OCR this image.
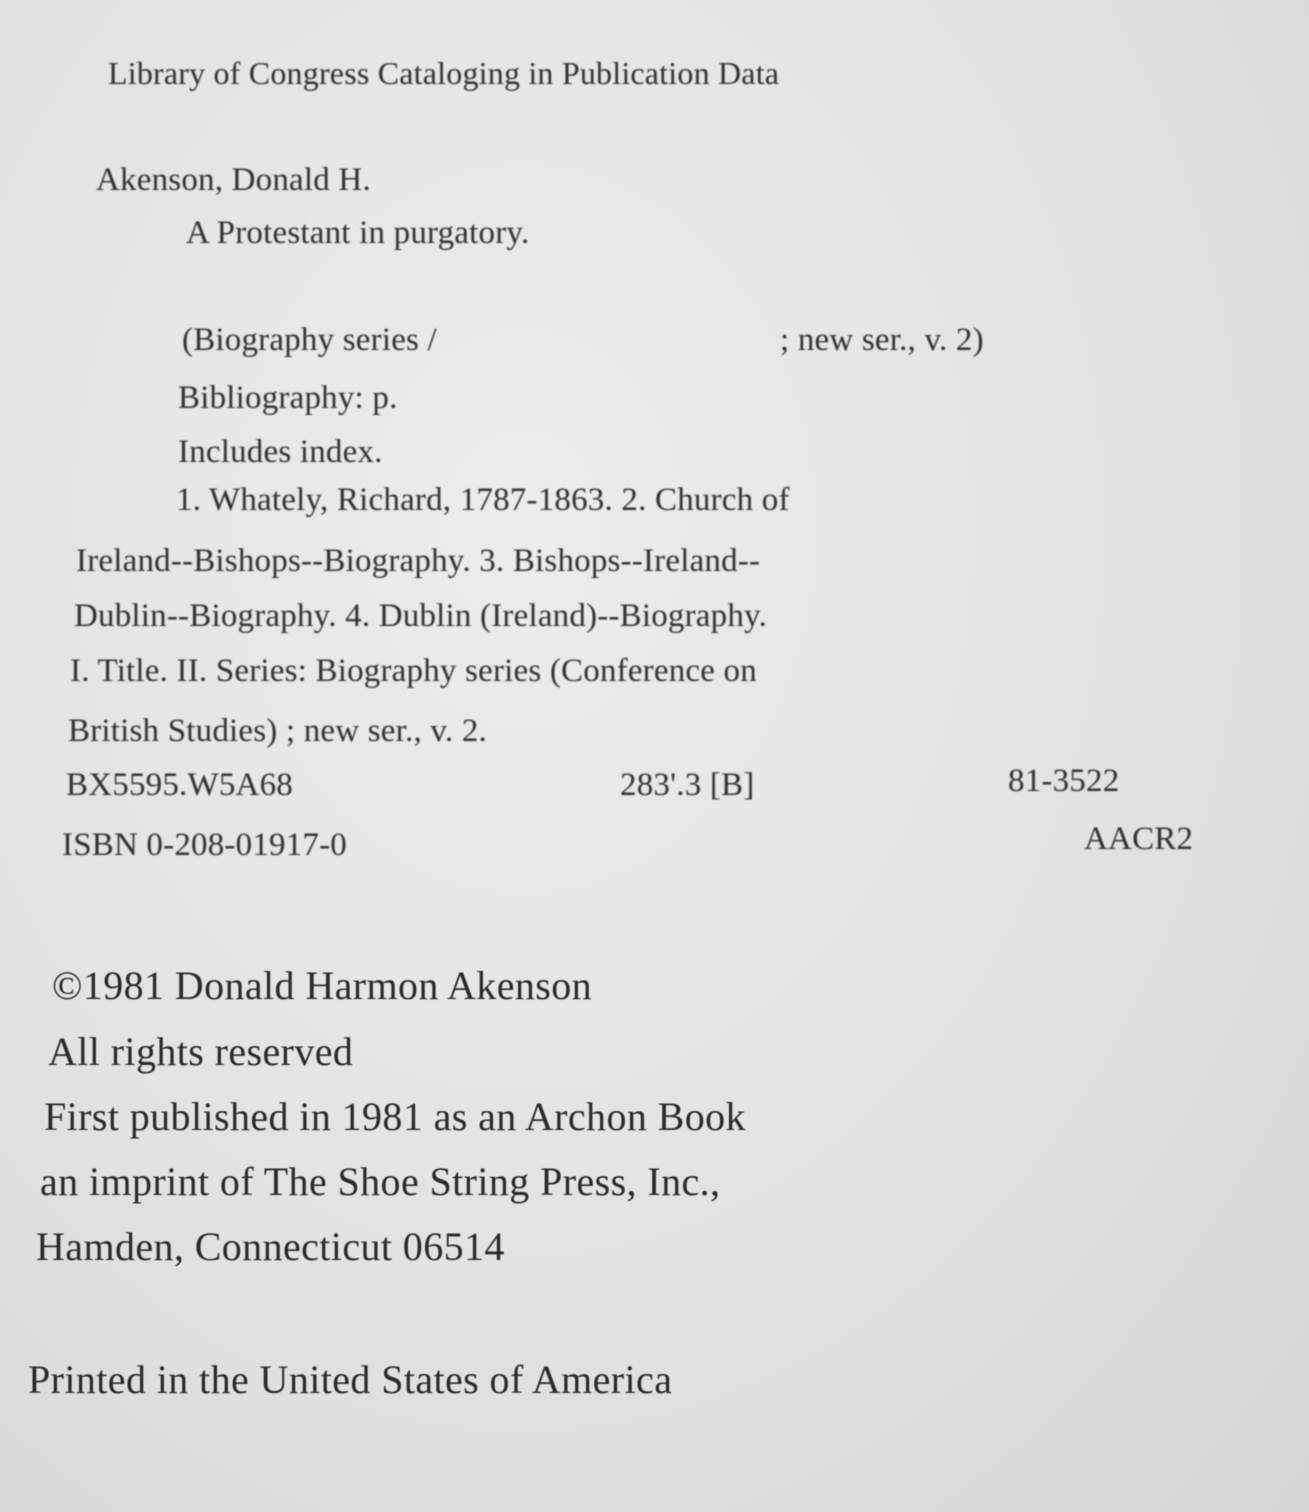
Library of Congress Cataloging in Publication Data
Akenson, Donald H.
A Protestant in purgatory.
(Biography series /	; new ser., v. 2)
Bibliography: p.
Includes index.
1. Whately, Richard, 1787-1863. 2. Church of
Ireland--Bishops--Biography. 3. Bishops--Ireland--
Dublin--Biography. 4. Dublin (Ireland)--Biography.
I. Title. II. Series: Biography series (Conference on
British Studies) ; new ser., v. 2.
BX5595.W5A68	283'.3 [B]	81-3522
ISBN 0-208-01917-0	AACR2
©1981 Donald Harmon Akenson
All rights reserved
First published in 1981 as an Archon Book
an imprint of The Shoe String Press, Inc.,
Hamden, Connecticut 06514
Printed in the United States of America
